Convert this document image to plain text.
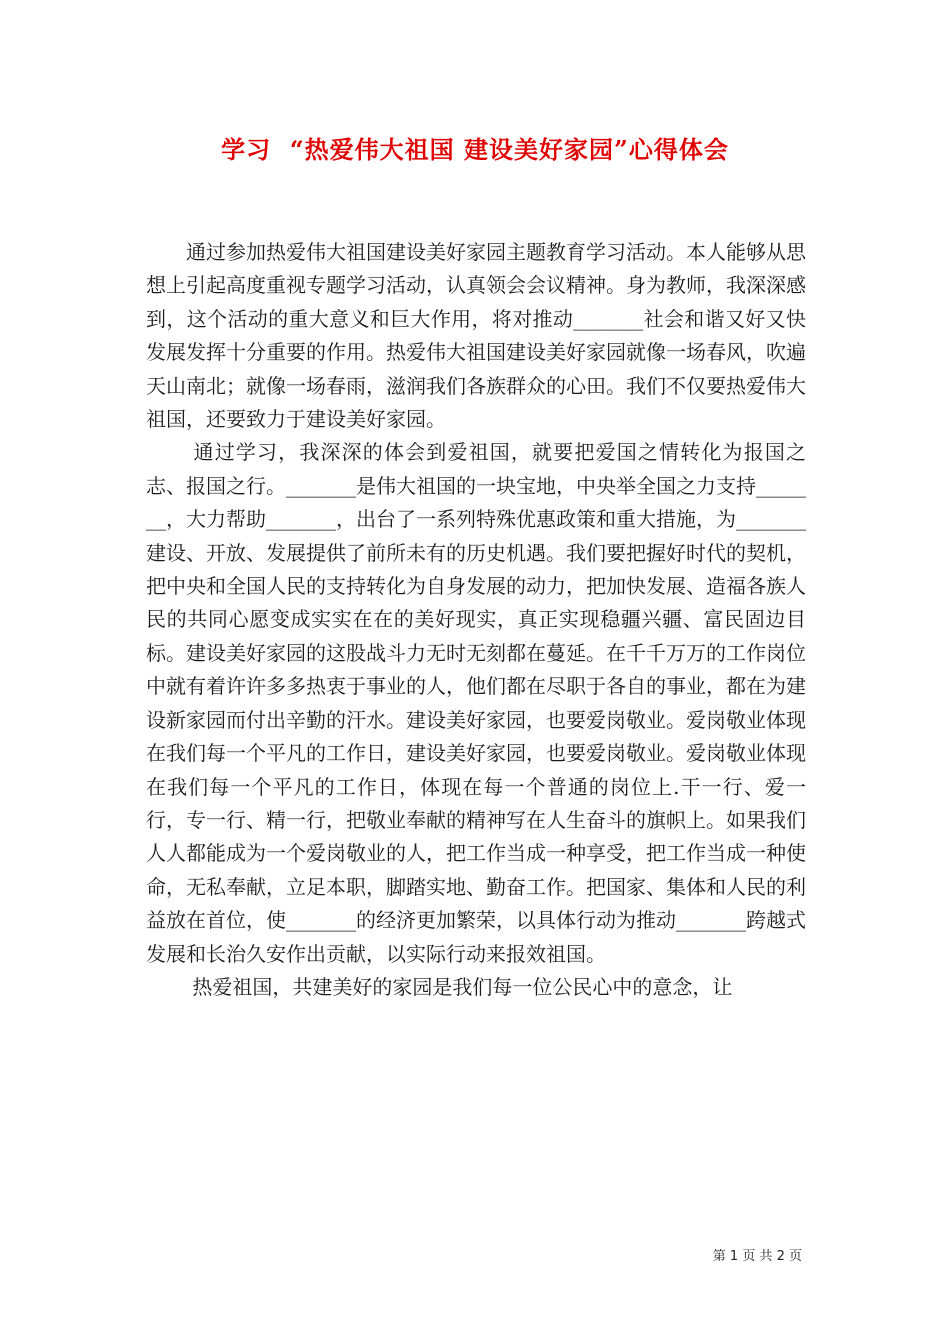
学习  “热爱伟大祖国 建设美好家园”心得体会

通过参加热爱伟大祖国建设美好家园主题教育学习活动。本人能够从思想上引起高度重视专题学习活动，认真领会会议精神。身为教师，我深深感到，这个活动的重大意义和巨大作用，将对推动_______社会和谐又好又快发展发挥十分重要的作用。热爱伟大祖国建设美好家园就像一场春风，吹遍天山南北；就像一场春雨，滋润我们各族群众的心田。我们不仅要热爱伟大祖国，还要致力于建设美好家园。

通过学习，我深深的体会到爱祖国，就要把爱国之情转化为报国之志、报国之行。_______是伟大祖国的一块宝地，中央举全国之力支持_______，大力帮助_______，出台了一系列特殊优惠政策和重大措施，为_______建设、开放、发展提供了前所未有的历史机遇。我们要把握好时代的契机，把中央和全国人民的支持转化为自身发展的动力，把加快发展、造福各族人民的共同心愿变成实实在在的美好现实，真正实现稳疆兴疆、富民固边目标。建设美好家园的这股战斗力无时无刻都在蔓延。在千千万万的工作岗位中就有着许许多多热衷于事业的人，他们都在尽职于各自的事业，都在为建设新家园而付出辛勤的汗水。建设美好家园，也要爱岗敬业。爱岗敬业体现在我们每一个平凡的工作日，建设美好家园，也要爱岗敬业。爱岗敬业体现在我们每一个平凡的工作日，体现在每一个普通的岗位上.干一行、爱一行，专一行、精一行，把敬业奉献的精神写在人生奋斗的旗帜上。如果我们人人都能成为一个爱岗敬业的人，把工作当成一种享受，把工作当成一种使命，无私奉献，立足本职，脚踏实地、勤奋工作。把国家、集体和人民的利益放在首位，使_______的经济更加繁荣，以具体行动为推动_______跨越式发展和长治久安作出贡献，以实际行动来报效祖国。

热爱祖国，共建美好的家园是我们每一位公民心中的意念，让

第 1 页 共 2 页
